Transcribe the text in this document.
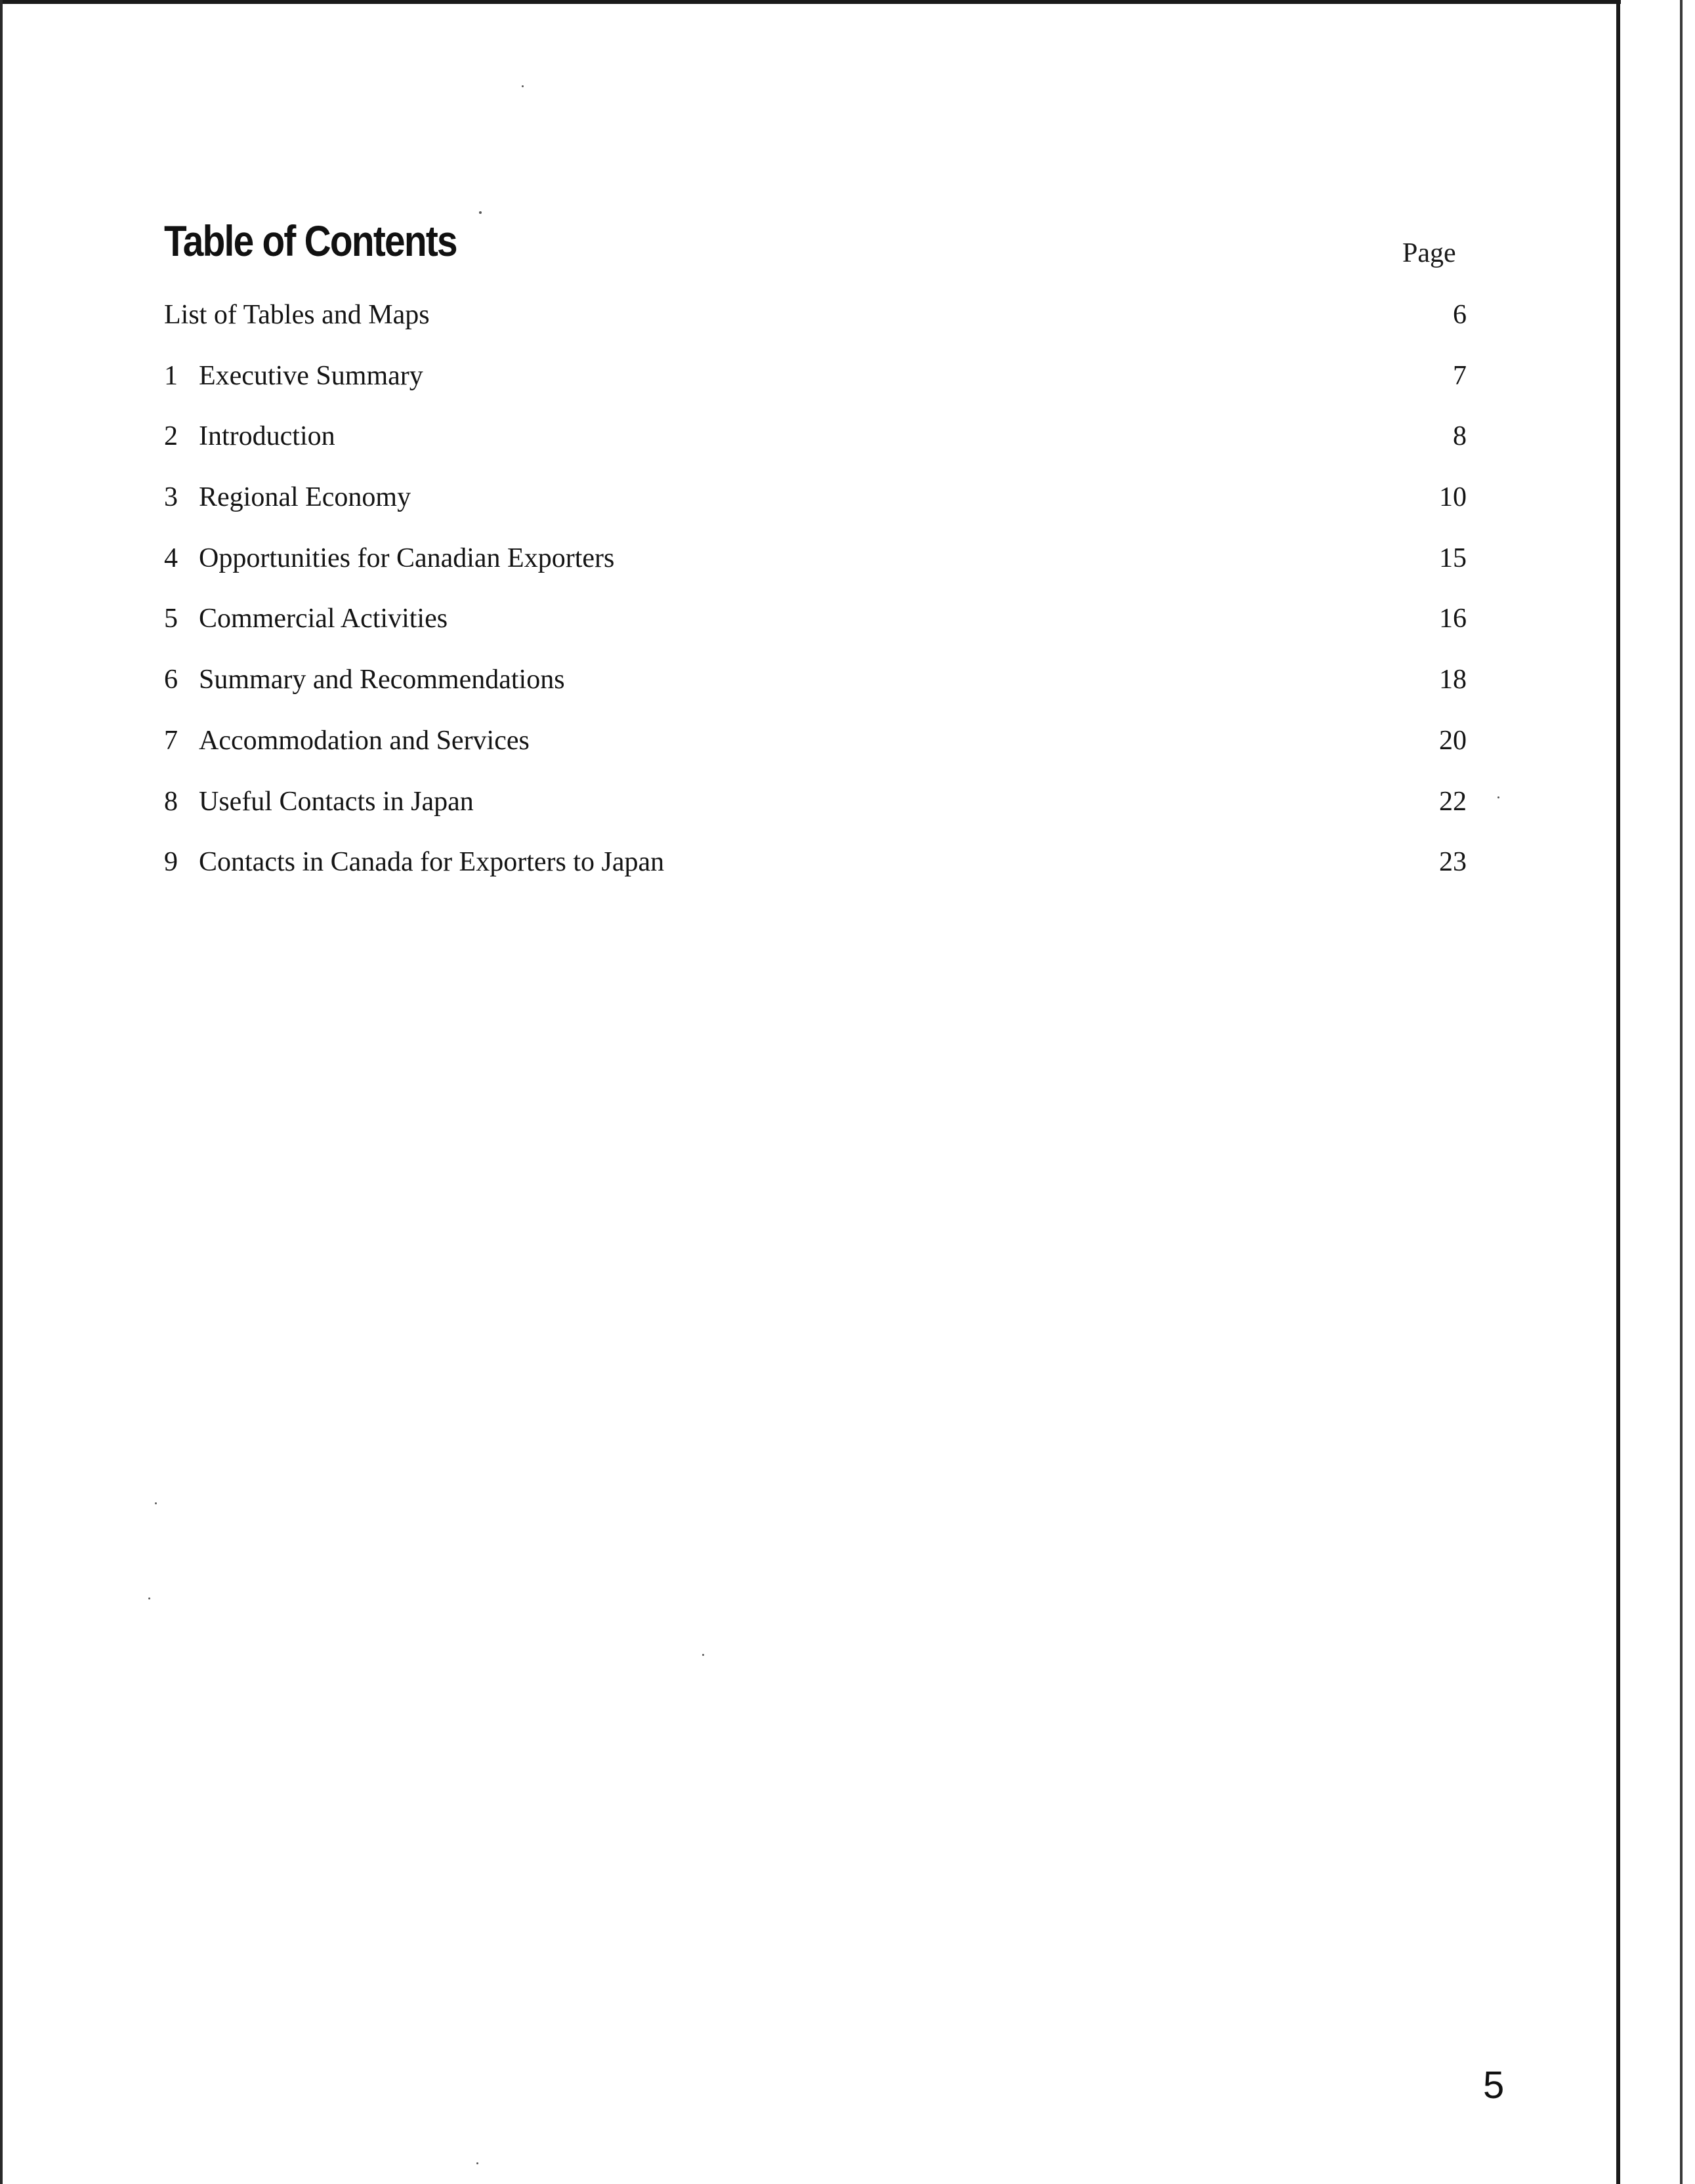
Table of Contents	Page
List of Tables and Maps	6
1 Executive Summary	7
2 Introduction	8
3 Regional Economy	10
4 Opportunities for Canadian Exporters	15
5 Commercial Activities	16
6 Summary and Recommendations	18
7 Accommodation and Services	20
8 Useful Contacts in Japan	22
9 Contacts in Canada for Exporters to Japan	23
5
